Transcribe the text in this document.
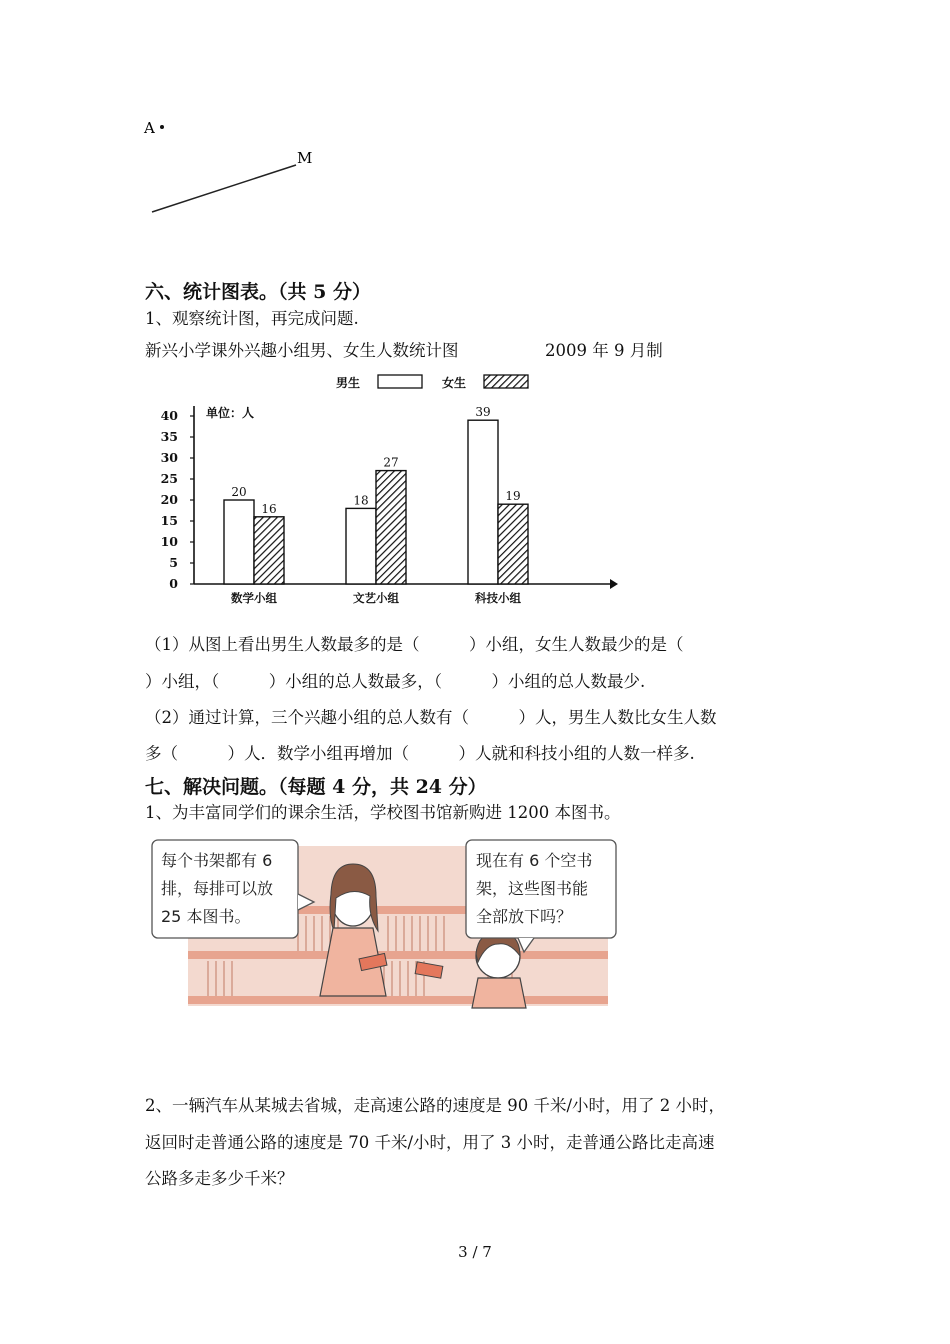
A
M
六、统计图表。（共 5 分）
1、观察统计图，再完成问题.
新兴小学课外兴趣小组男、女生人数统计图	2009 年 9 月制
男生	女生
单位：人
0
5
10
15
20
25
30
35
40
20
16
数学小组
18
27
文艺小组
39
19
科技小组
（1）从图上看出男生人数最多的是（　　　）小组，女生人数最少的是（
）小组，（　　　）小组的总人数最多，（　　　）小组的总人数最少.
（2）通过计算，三个兴趣小组的总人数有（　　　）人，男生人数比女生人数
多（　　　）人．数学小组再增加（　　　）人就和科技小组的人数一样多.
七、解决问题。（每题 4 分，共 24 分）
1、为丰富同学们的课余生活，学校图书馆新购进 1200 本图书。
每个书架都有 6
排，每排可以放
25 本图书。
现在有 6 个空书
架，这些图书能
全部放下吗？
2、一辆汽车从某城去省城，走高速公路的速度是 90 千米/小时，用了 2 小时，
返回时走普通公路的速度是 70 千米/小时，用了 3 小时，走普通公路比走高速
公路多走多少千米？
3 / 7
